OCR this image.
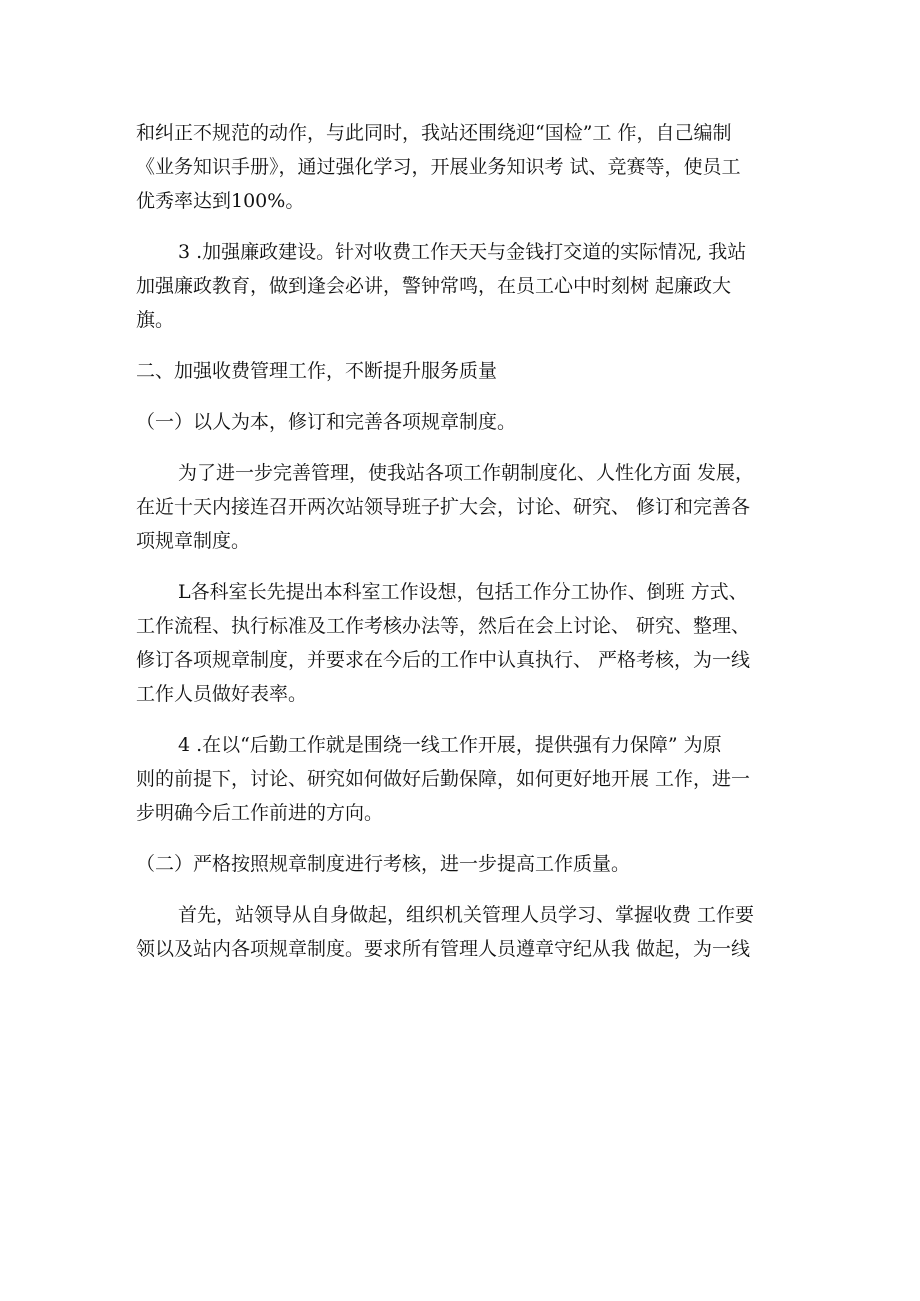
和纠正不规范的动作，与此同时，我站还围绕迎“国检”工 作，自己编制
《业务知识手册》，通过强化学习，开展业务知识考 试、竞赛等，使员工
优秀率达到100%。
3 .加强廉政建设。针对收费工作天天与金钱打交道的实际情况, 我站
加强廉政教育，做到逢会必讲，警钟常鸣，在员工心中时刻树 起廉政大
旗。
二、加强收费管理工作，不断提升服务质量
（一）以人为本，修订和完善各项规章制度。
为了进一步完善管理，使我站各项工作朝制度化、人性化方面 发展，
在近十天内接连召开两次站领导班子扩大会，讨论、研究、 修订和完善各
项规章制度。
L各科室长先提出本科室工作设想，包括工作分工协作、倒班 方式、
工作流程、执行标准及工作考核办法等，然后在会上讨论、 研究、整理、
修订各项规章制度，并要求在今后的工作中认真执行、 严格考核，为一线
工作人员做好表率。
4 .在以“后勤工作就是围绕一线工作开展，提供强有力保障” 为原
则的前提下，讨论、研究如何做好后勤保障，如何更好地开展 工作，进一
步明确今后工作前进的方向。
（二）严格按照规章制度进行考核，进一步提高工作质量。
首先，站领导从自身做起，组织机关管理人员学习、掌握收费 工作要
领以及站内各项规章制度。要求所有管理人员遵章守纪从我 做起，为一线
